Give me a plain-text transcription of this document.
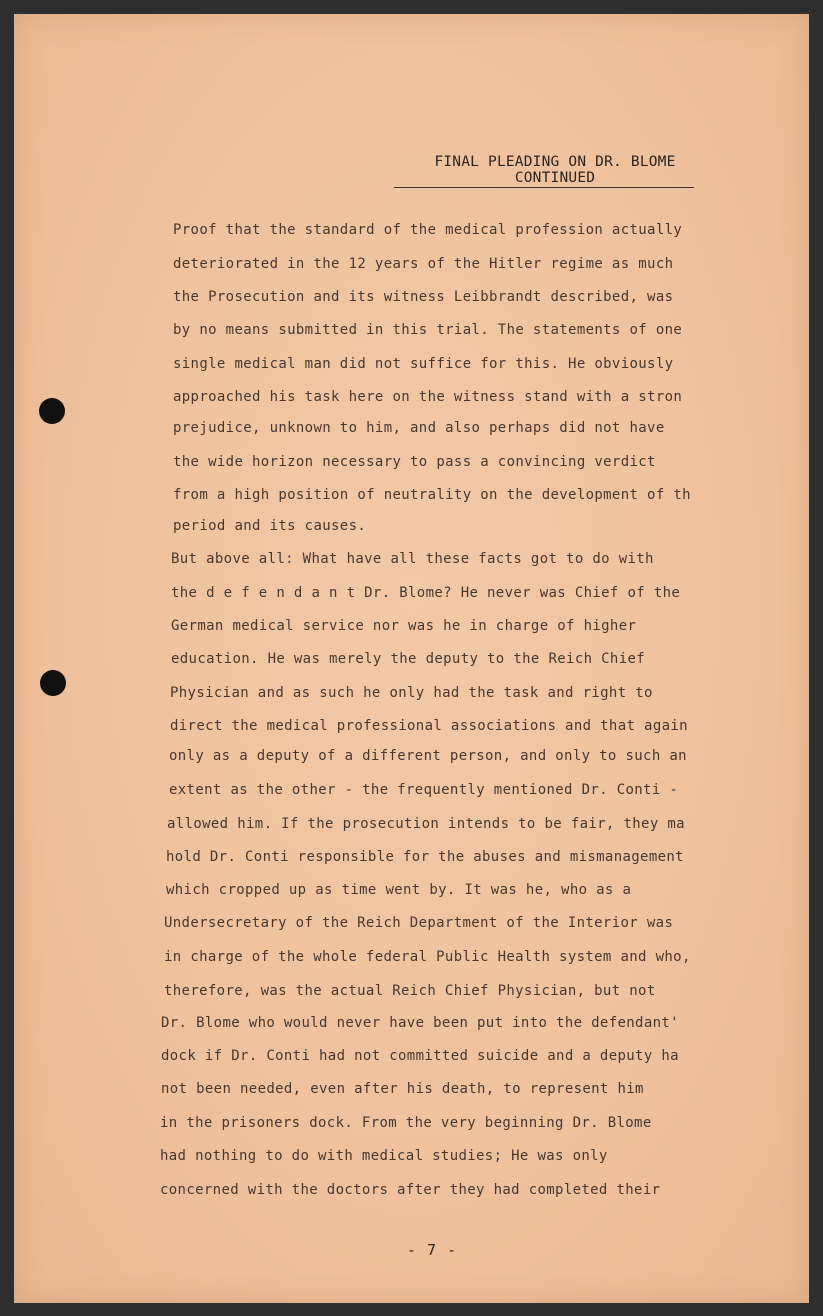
FINAL PLEADING ON DR. BLOME
CONTINUED
Proof that the standard of the medical profession actually
deteriorated in the 12 years of the Hitler regime as much
the Prosecution and its witness Leibbrandt described, was
by no means submitted in this trial. The statements of one
single medical man did not suffice for this. He obviously
approached his task here on the witness stand with a stron
prejudice, unknown to him, and also perhaps did not have
the wide horizon necessary to pass a convincing verdict
from a high position of neutrality on the development of th
period and its causes.
But above all: What have all these facts got to do with
the d e f e n d a n t Dr. Blome? He never was Chief of the
German medical service nor was he in charge of higher
education. He was merely the deputy to the Reich Chief
Physician and as such he only had the task and right to
direct the medical professional associations and that again
only as a deputy of a different person, and only to such an
extent as the other - the frequently mentioned Dr. Conti -
allowed him. If the prosecution intends to be fair, they ma
hold Dr. Conti responsible for the abuses and mismanagement
which cropped up as time went by. It was he, who as a
Undersecretary of the Reich Department of the Interior was
in charge of the whole federal Public Health system and who,
therefore, was the actual Reich Chief Physician, but not
Dr. Blome who would never have been put into the defendant'
dock if Dr. Conti had not committed suicide and a deputy ha
not been needed, even after his death, to represent him
in the prisoners dock. From the very beginning Dr. Blome
had nothing to do with medical studies; He was only
concerned with the doctors after they had completed their
- 7 -
